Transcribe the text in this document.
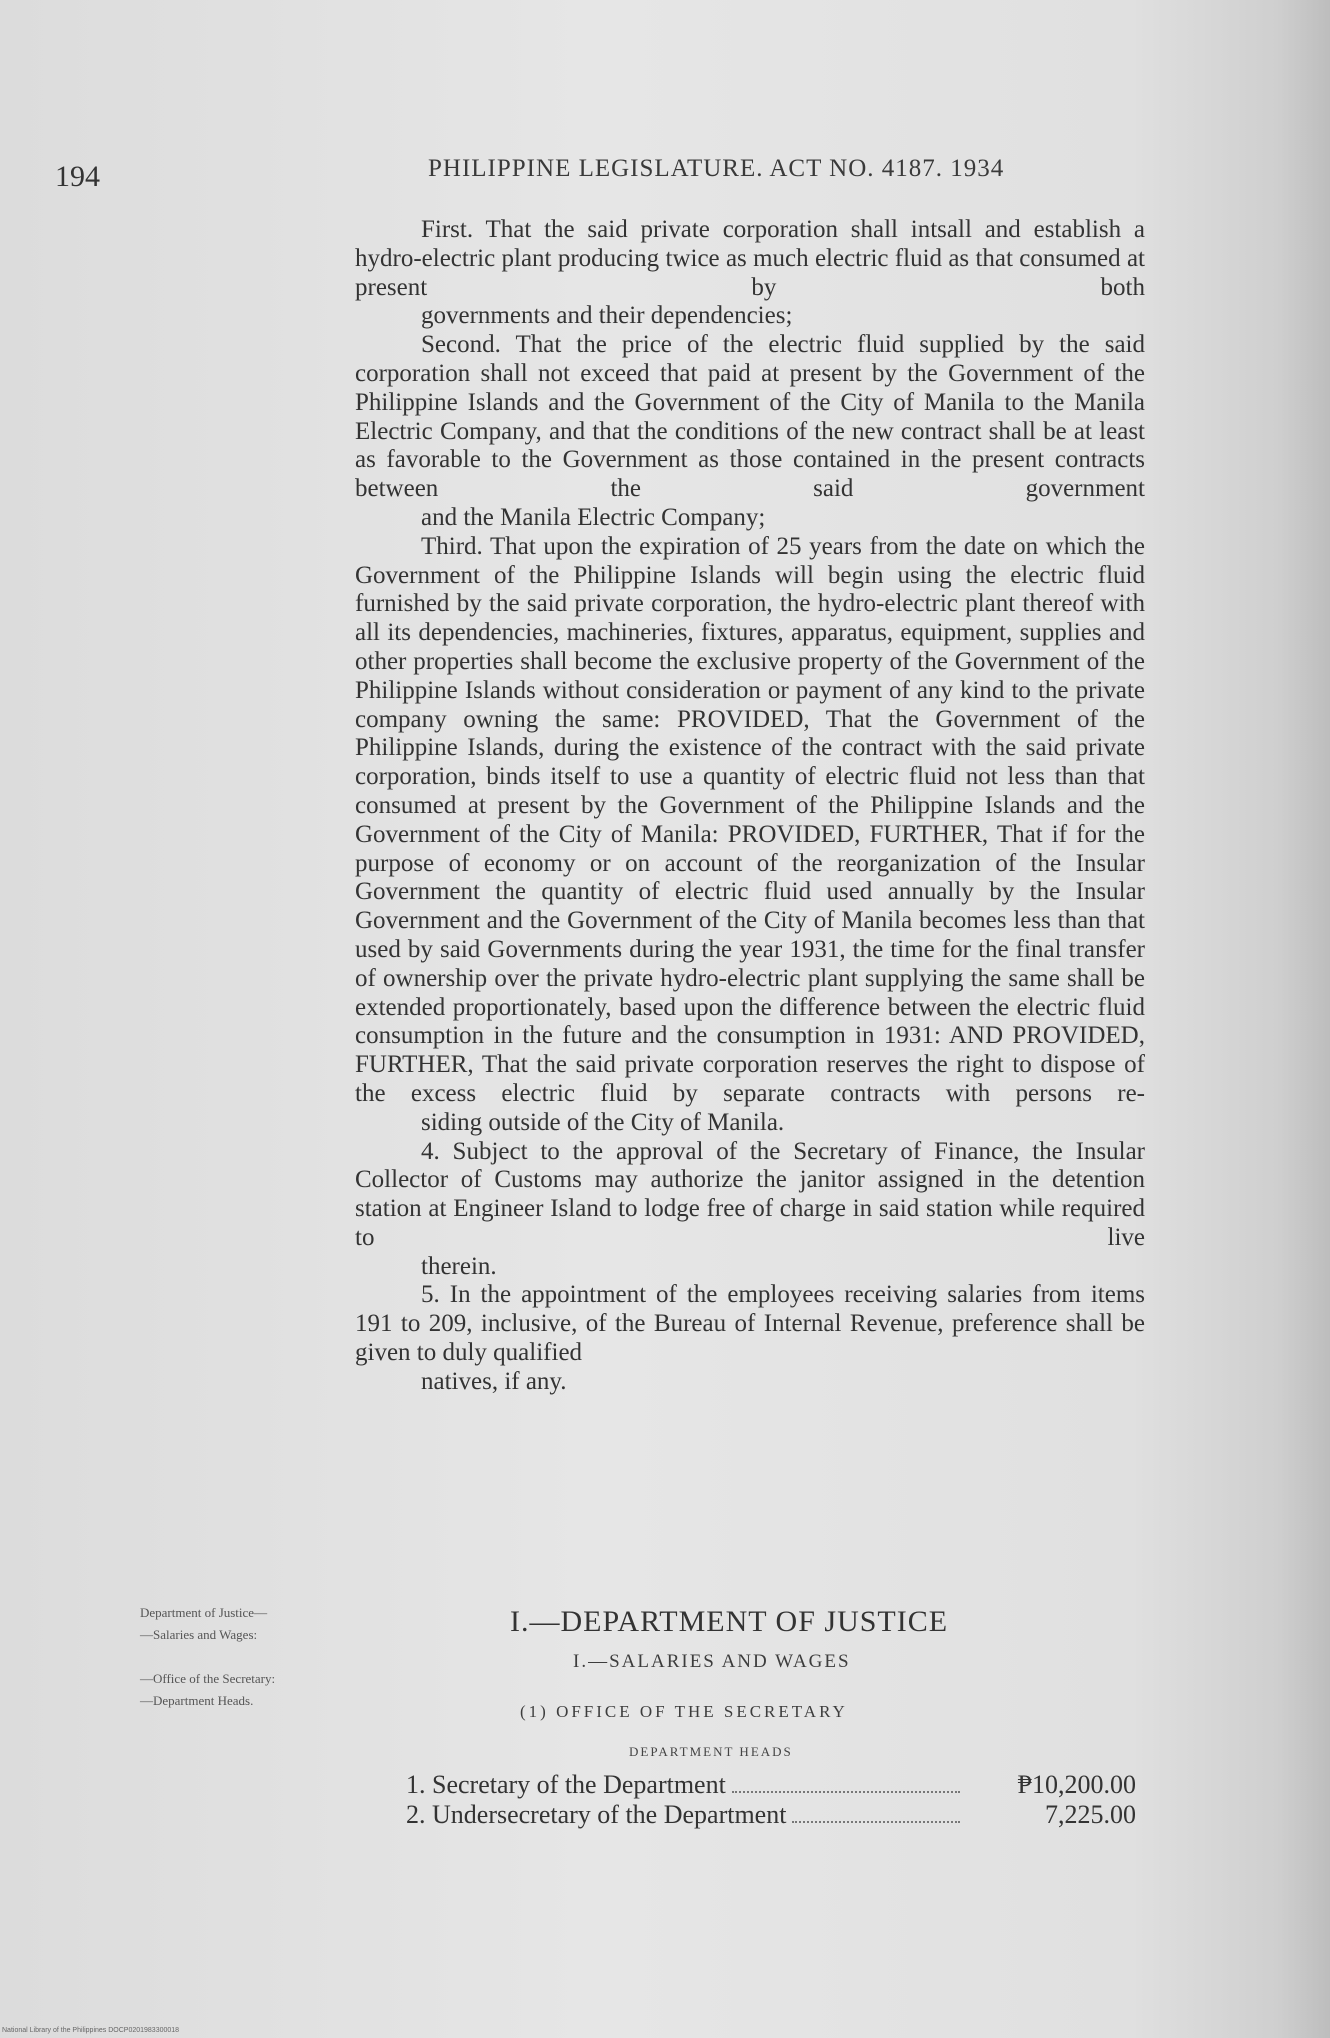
194	PHILIPPINE LEGISLATURE. ACT NO. 4187. 1934

First. That the said private corporation shall intsall and establish a hydro-electric plant producing twice as much electric fluid as that consumed at present by both
governments and their dependencies;

Second. That the price of the electric fluid supplied by the said corporation shall not exceed that paid at present by the Government of the Philippine Islands and the Government of the City of Manila to the Manila Electric Company, and that the conditions of the new contract shall be at least as favorable to the Government as those contained in the present contracts between the said government
and the Manila Electric Company;

Third. That upon the expiration of 25 years from the date on which the Government of the Philippine Islands will begin using the electric fluid furnished by the said private corporation, the hydro-electric plant thereof with all its dependencies, machineries, fixtures, apparatus, equipment, supplies and other properties shall become the exclusive property of the Government of the Philippine Islands without consideration or payment of any kind to the private company owning the same: PROVIDED, That the Government of the Philippine Islands, during the existence of the contract with the said private corporation, binds itself to use a quantity of electric fluid not less than that consumed at present by the Government of the Philippine Islands and the Government of the City of Manila: PROVIDED, FURTHER, That if for the purpose of economy or on account of the reorganization of the Insular Government the quantity of electric fluid used annually by the Insular Government and the Government of the City of Manila becomes less than that used by said Governments during the year 1931, the time for the final transfer of ownership over the private hydro-electric plant supplying the same shall be extended proportionately, based upon the difference between the electric fluid consumption in the future and the consumption in 1931: AND PROVIDED, FURTHER, That the said private corporation reserves the right to dispose of the excess electric fluid by separate contracts with persons re-
siding outside of the City of Manila.

4. Subject to the approval of the Secretary of Finance, the Insular Collector of Customs may authorize the janitor assigned in the detention station at Engineer Island to lodge free of charge in said station while required to live
therein.

5. In the appointment of the employees receiving salaries from items 191 to 209, inclusive, of the Bureau of Internal Revenue, preference shall be given to duly qualified
natives, if any.

Department of Justice—
—Salaries and Wages:
—Office of the Secretary:
—Department Heads.
I.—DEPARTMENT OF JUSTICE
I.—SALARIES AND WAGES
(1) OFFICE OF THE SECRETARY
DEPARTMENT HEADS
1. Secretary of the Department	₱10,200.00
2. Undersecretary of the Department	7,225.00
National Library of the Philippines DOCP0201983300018
